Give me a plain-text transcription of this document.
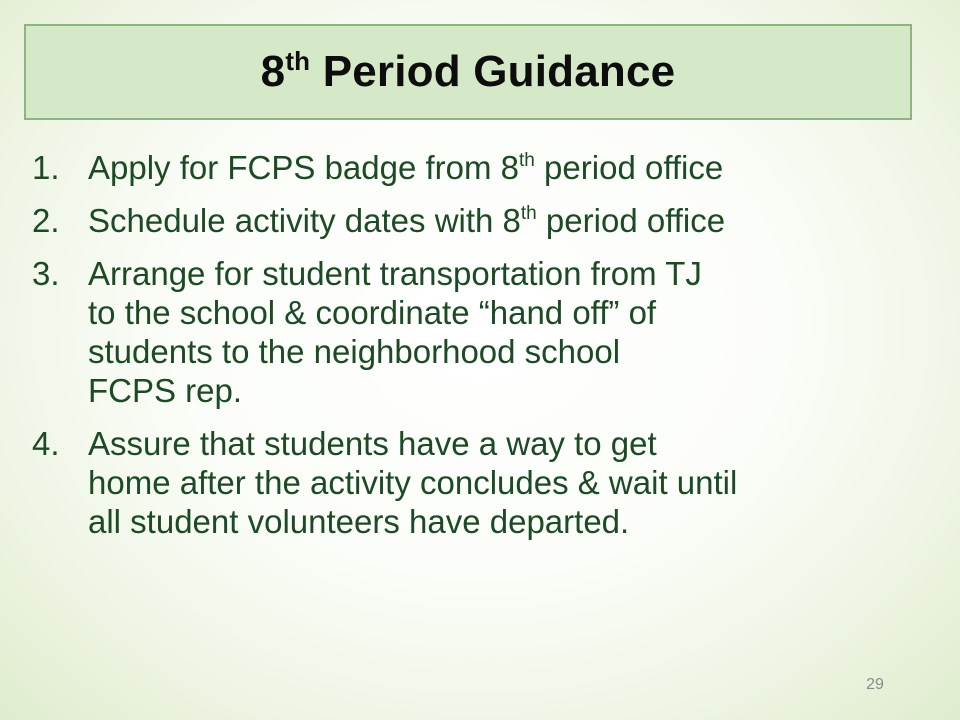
8th Period Guidance
1. Apply for FCPS badge from 8th period office
2. Schedule activity dates with 8th period office
3. Arrange for student transportation from TJ
to the school & coordinate “hand off” of
students to the neighborhood school
FCPS rep.
4. Assure that students have a way to get
home after the activity concludes & wait until
all student volunteers have departed.
29
